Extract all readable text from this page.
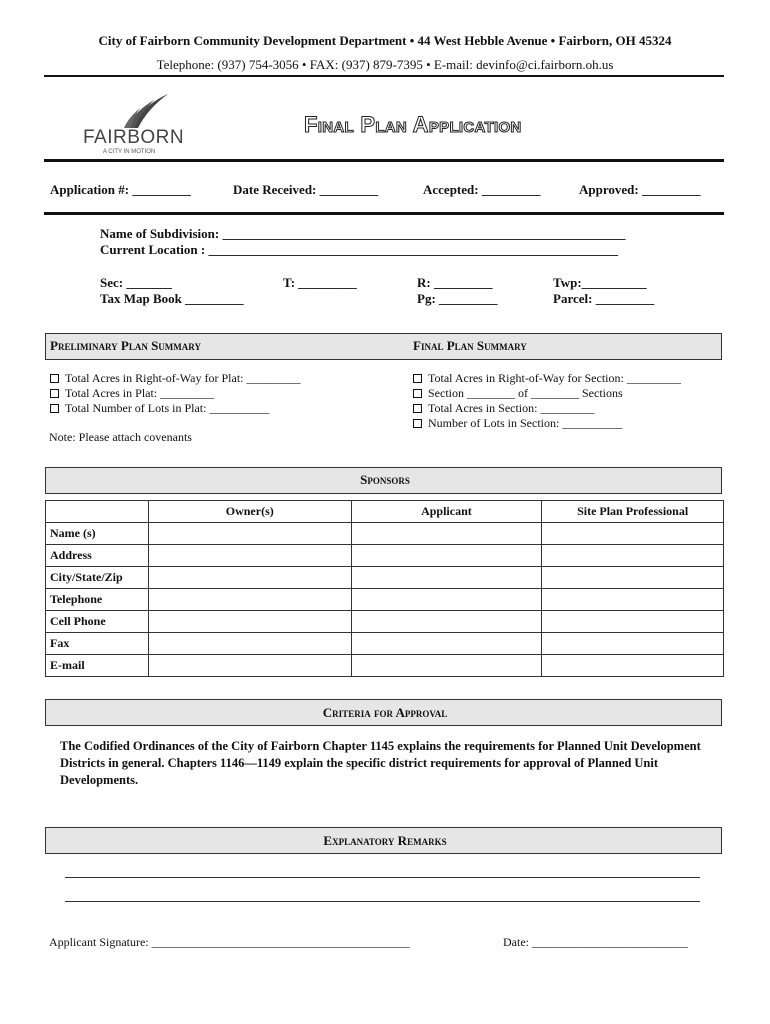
City of Fairborn Community Development Department • 44 West Hebble Avenue • Fairborn, OH 45324
Telephone: (937) 754-3056 • FAX: (937) 879-7395 • E-mail: devinfo@ci.fairborn.oh.us
FAIRBORN
A CITY IN MOTION
Final Plan Application
Application #: _________	Date Received: _________	Accepted: _________	Approved: _________
Name of Subdivision: ______________________________________________________________
Current Location : _______________________________________________________________
Sec: _______	T: _________	R: _________	Twp:__________
Tax Map Book _________	Pg: _________	Parcel: _________
Preliminary Plan Summary	Final Plan Summary
Total Acres in Right-of-Way for Plat: _________
Total Acres in Plat: _________
Total Number of Lots in Plat: __________
Note: Please attach covenants
Total Acres in Right-of-Way for Section: _________
Section ________ of ________ Sections
Total Acres in Section: _________
Number of Lots in Section: __________
Sponsors
	Owner(s)	Applicant	Site Plan Professional
Name (s)			
Address			
City/State/Zip			
Telephone			
Cell Phone			
Fax			
E-mail			
Criteria for Approval
The Codified Ordinances of the City of Fairborn Chapter 1145 explains the requirements for Planned Unit Development Districts in general. Chapters 1146—1149 explain the specific district requirements for approval of Planned Unit Developments.
Explanatory Remarks
Applicant Signature: ___________________________________________	Date: __________________________
